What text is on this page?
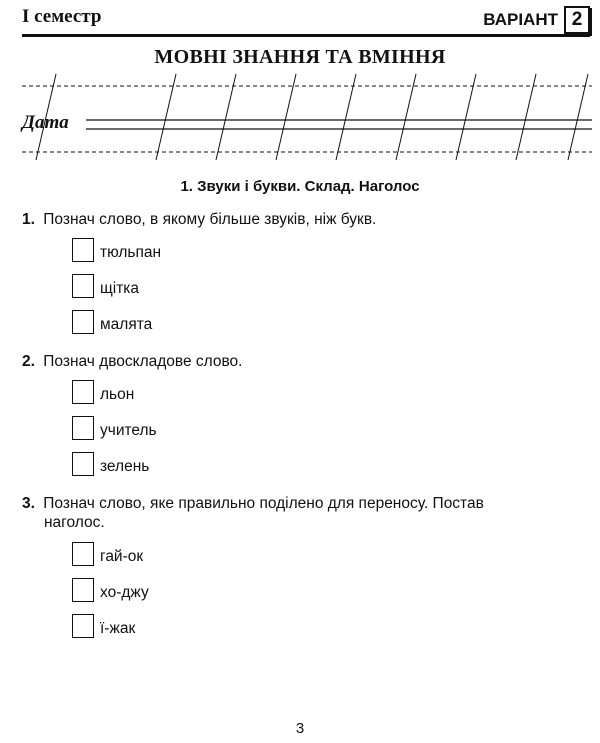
І семестр	ВАРІАНТ 2
МОВНІ ЗНАННЯ ТА ВМІННЯ
Дата
1. Звуки і букви. Склад. Наголос
1. Познач слово, в якому більше звуків, ніж букв.
тюльпан
щітка
малята
2. Познач двоскладове слово.
льон
учитель
зелень
3. Познач слово, яке правильно поділено для переносу. Постав
наголос.
гай-ок
хо-джу
ї-жак
3
